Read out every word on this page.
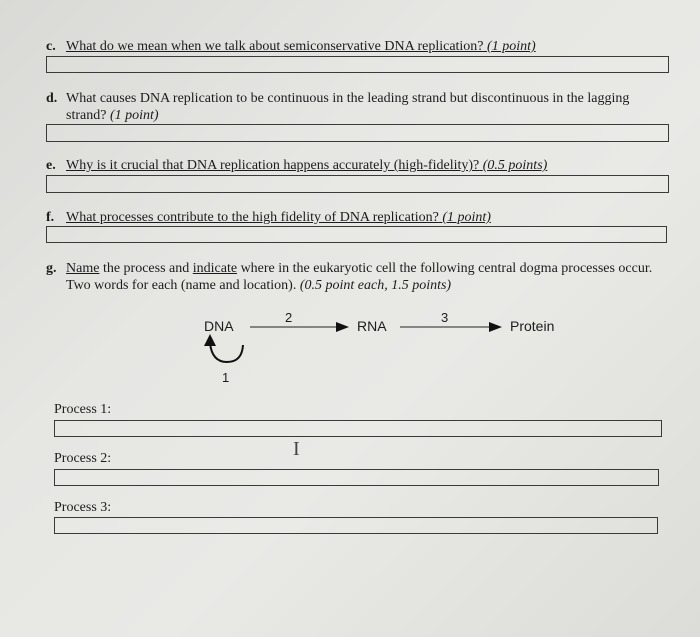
c. What do we mean when we talk about semiconservative DNA replication? (1 point)
d. What causes DNA replication to be continuous in the leading strand but discontinuous in the lagging
strand? (1 point)
e. Why is it crucial that DNA replication happens accurately (high-fidelity)? (0.5 points)
f. What processes contribute to the high fidelity of DNA replication? (1 point)
g. Name the process and indicate where in the eukaryotic cell the following central dogma processes occur.
Two words for each (name and location). (0.5 point each, 1.5 points)
DNA
2
RNA
3
Protein
1
Process 1:
Process 2:
Process 3:
I
